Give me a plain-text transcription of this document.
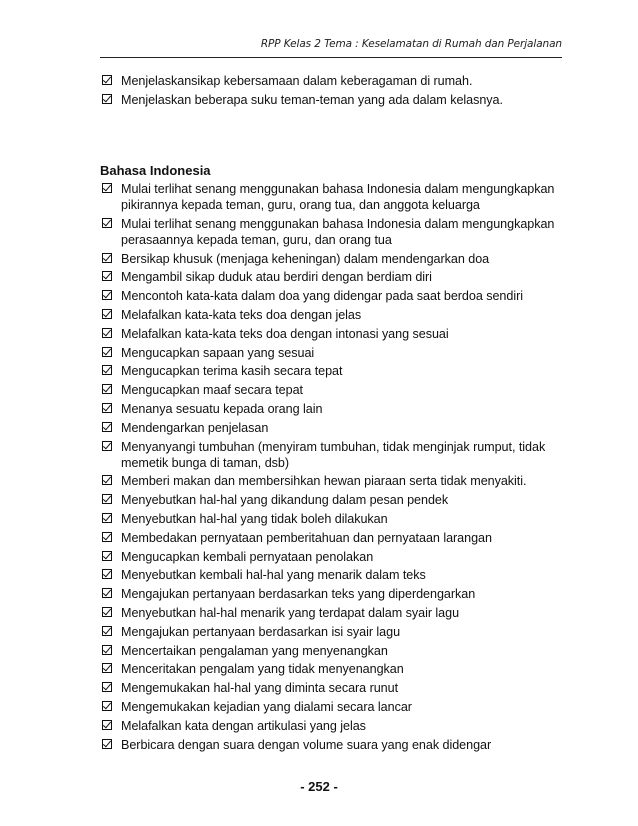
RPP Kelas 2 Tema : Keselamatan di Rumah dan Perjalanan
Menjelaskansikap kebersamaan dalam keberagaman di rumah.
Menjelaskan beberapa suku teman-teman yang ada dalam kelasnya.
Bahasa Indonesia
Mulai terlihat senang menggunakan bahasa Indonesia dalam mengungkapkan pikirannya kepada teman, guru, orang tua, dan anggota keluarga
Mulai terlihat senang menggunakan bahasa Indonesia dalam mengungkapkan perasaannya kepada teman, guru, dan orang tua
Bersikap khusuk (menjaga keheningan) dalam mendengarkan doa
Mengambil sikap duduk atau berdiri dengan berdiam diri
Mencontoh kata-kata dalam doa yang didengar pada saat berdoa sendiri
Melafalkan kata-kata teks doa dengan jelas
Melafalkan kata-kata teks doa dengan intonasi yang sesuai
Mengucapkan sapaan yang sesuai
Mengucapkan terima kasih secara tepat
Mengucapkan maaf secara tepat
Menanya sesuatu kepada orang lain
Mendengarkan penjelasan
Menyanyangi tumbuhan (menyiram tumbuhan, tidak menginjak rumput, tidak memetik bunga di taman, dsb)
Memberi makan dan membersihkan hewan piaraan serta tidak menyakiti.
Menyebutkan hal-hal yang dikandung dalam pesan pendek
Menyebutkan hal-hal yang tidak boleh dilakukan
Membedakan pernyataan pemberitahuan dan pernyataan larangan
Mengucapkan kembali pernyataan penolakan
Menyebutkan kembali hal-hal yang menarik dalam teks
Mengajukan pertanyaan berdasarkan teks yang diperdengarkan
Menyebutkan hal-hal menarik yang terdapat dalam syair lagu
Mengajukan pertanyaan berdasarkan isi syair lagu
Mencertaikan pengalaman yang menyenangkan
Menceritakan pengalam yang tidak menyenangkan
Mengemukakan hal-hal yang diminta secara runut
Mengemukakan kejadian yang dialami secara lancar
Melafalkan kata dengan artikulasi yang jelas
Berbicara dengan suara dengan volume suara yang enak didengar
- 252 -
